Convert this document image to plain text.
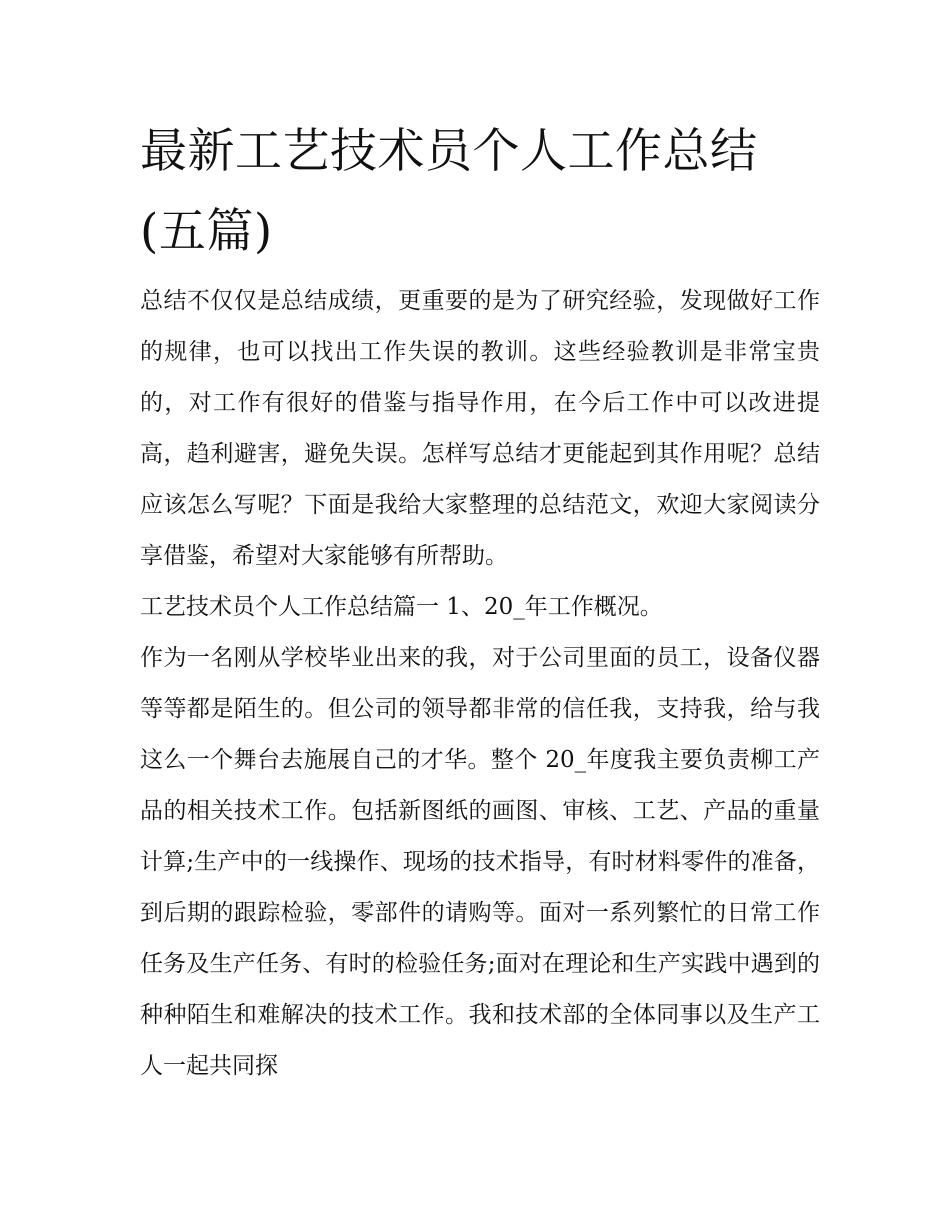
最新工艺技术员个人工作总结(五篇)

总结不仅仅是总结成绩，更重要的是为了研究经验，发现做好工作的规律，也可以找出工作失误的教训。这些经验教训是非常宝贵的，对工作有很好的借鉴与指导作用，在今后工作中可以改进提高，趋利避害，避免失误。怎样写总结才更能起到其作用呢？总结应该怎么写呢？下面是我给大家整理的总结范文，欢迎大家阅读分享借鉴，希望对大家能够有所帮助。

工艺技术员个人工作总结篇一 1、20_年工作概况。

作为一名刚从学校毕业出来的我，对于公司里面的员工，设备仪器等等都是陌生的。但公司的领导都非常的信任我，支持我，给与我这么一个舞台去施展自己的才华。整个 20_年度我主要负责柳工产品的相关技术工作。包括新图纸的画图、审核、工艺、产品的重量计算;生产中的一线操作、现场的技术指导，有时材料零件的准备，到后期的跟踪检验，零部件的请购等。面对一系列繁忙的日常工作任务及生产任务、有时的检验任务;面对在理论和生产实践中遇到的种种陌生和难解决的技术工作。我和技术部的全体同事以及生产工人一起共同探
